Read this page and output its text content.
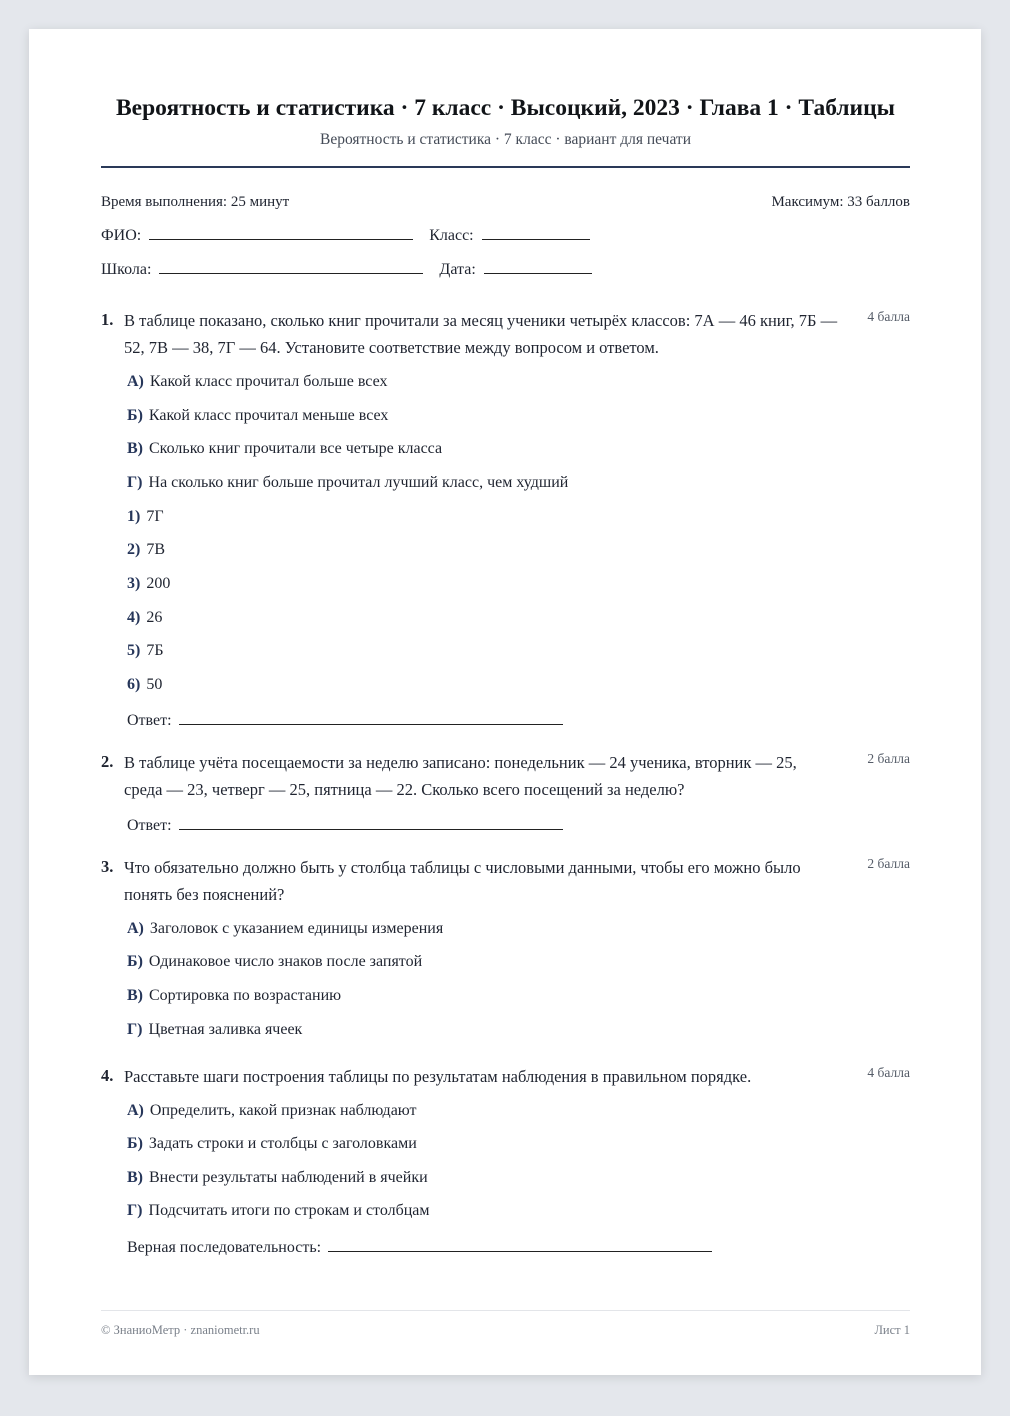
Вероятность и статистика · 7 класс · Высоцкий, 2023 · Глава 1 · Таблицы
Вероятность и статистика · 7 класс · вариант для печати
Время выполнения: 25 минут	Максимум: 33 баллов
ФИО:	Класс:
Школа:	Дата:
1. В таблице показано, сколько книг прочитали за месяц ученики четырёх классов: 7А — 46 книг, 7Б — 52, 7В — 38, 7Г — 64. Установите соответствие между вопросом и ответом.
4 балла
А) Какой класс прочитал больше всех
Б) Какой класс прочитал меньше всех
В) Сколько книг прочитали все четыре класса
Г) На сколько книг больше прочитал лучший класс, чем худший
1) 7Г
2) 7В
3) 200
4) 26
5) 7Б
6) 50
Ответ:
2. В таблице учёта посещаемости за неделю записано: понедельник — 24 ученика, вторник — 25, среда — 23, четверг — 25, пятница — 22. Сколько всего посещений за неделю?
2 балла
Ответ:
3. Что обязательно должно быть у столбца таблицы с числовыми данными, чтобы его можно было понять без пояснений?
2 балла
А) Заголовок с указанием единицы измерения
Б) Одинаковое число знаков после запятой
В) Сортировка по возрастанию
Г) Цветная заливка ячеек
4. Расставьте шаги построения таблицы по результатам наблюдения в правильном порядке.	4 балла
А) Определить, какой признак наблюдают
Б) Задать строки и столбцы с заголовками
В) Внести результаты наблюдений в ячейки
Г) Подсчитать итоги по строкам и столбцам
Верная последовательность:
© ЗнаниоМетр · znaniometr.ru	Лист 1
